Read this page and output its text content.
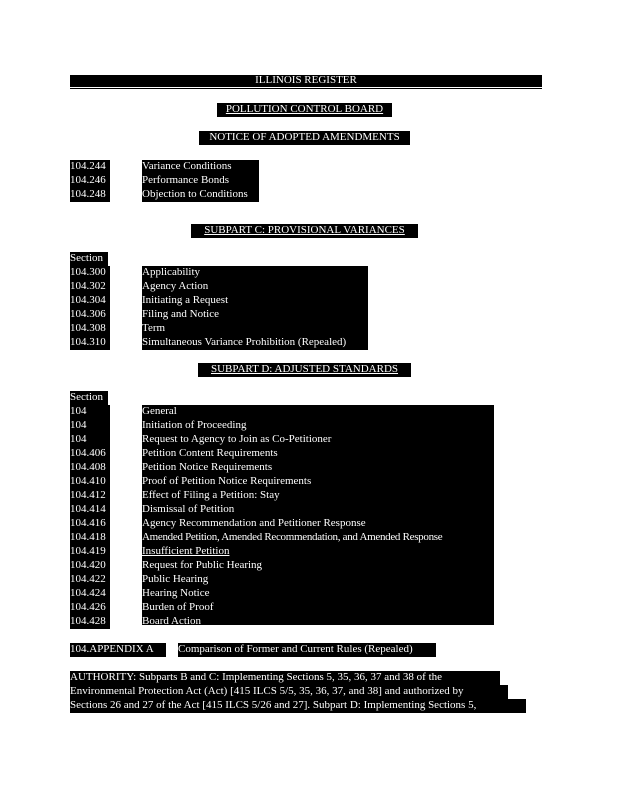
ILLINOIS REGISTER
POLLUTION CONTROL BOARD
NOTICE OF ADOPTED AMENDMENTS
104.244	Variance Conditions
104.246	Performance Bonds
104.248	Objection to Conditions
SUBPART C: PROVISIONAL VARIANCES
Section
104.300	Applicability
104.302	Agency Action
104.304	Initiating a Request
104.306	Filing and Notice
104.308	Term
104.310	Simultaneous Variance Prohibition (Repealed)
SUBPART D: ADJUSTED STANDARDS
Section
104	General
104	Initiation of Proceeding
104	Request to Agency to Join as Co-Petitioner
104.406	Petition Content Requirements
104.408	Petition Notice Requirements
104.410	Proof of Petition Notice Requirements
104.412	Effect of Filing a Petition: Stay
104.414	Dismissal of Petition
104.416	Agency Recommendation and Petitioner Response
104.418	Amended Petition, Amended Recommendation, and Amended Response
104.419	Insufficient Petition
104.420	Request for Public Hearing
104.422	Public Hearing
104.424	Hearing Notice
104.426	Burden of Proof
104.428	Board Action
104.APPENDIX A	Comparison of Former and Current Rules (Repealed)
AUTHORITY: Subparts B and C: Implementing Sections 5, 35, 36, 37 and 38 of the
Environmental Protection Act (Act) [415 ILCS 5/5, 35, 36, 37, and 38] and authorized by
Sections 26 and 27 of the Act [415 ILCS 5/26 and 27]. Subpart D: Implementing Sections 5,
